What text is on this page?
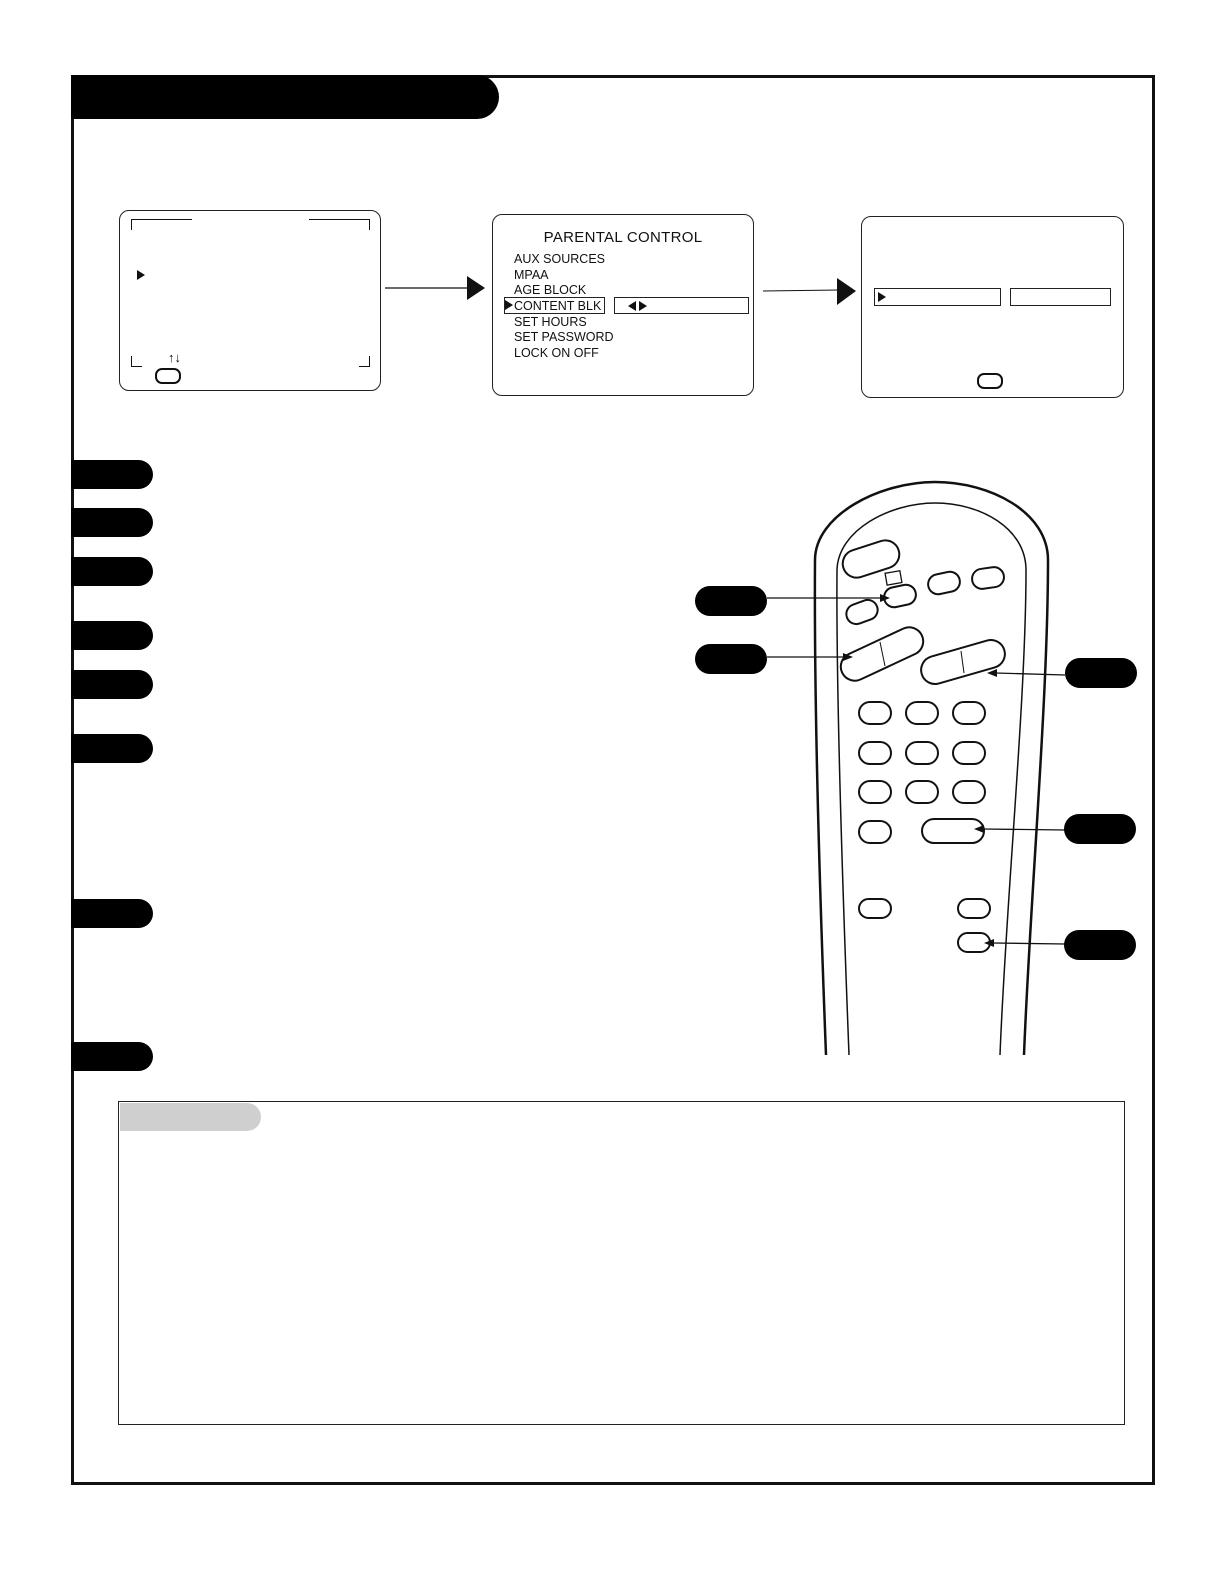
↑↓
PARENTAL CONTROL
AUX SOURCES
MPAA
AGE BLOCK
CONTENT BLK
SET HOURS
SET PASSWORD
LOCK ON OFF
